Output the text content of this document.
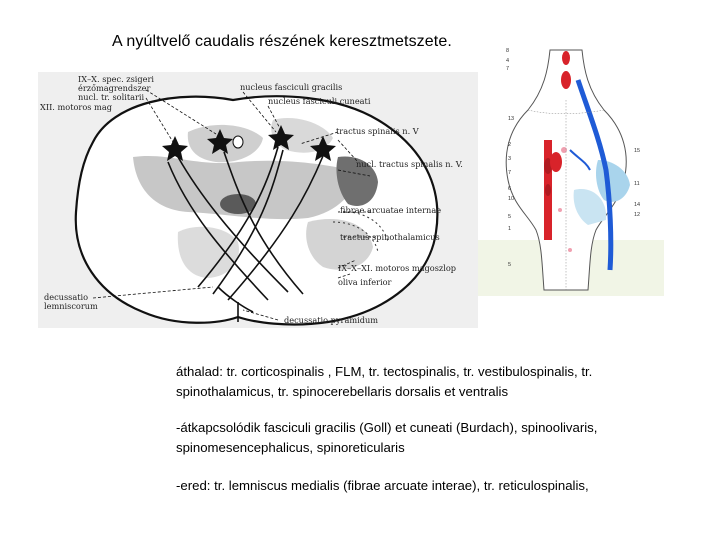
A nyúltvelő caudalis részének keresztmetszete.
IX–X. spec. zsigeri
érzőmagrendszer
nucl. tr. solitarii
XII. motoros mag
nucleus fasciculi gracilis
nucleus fasciculi cuneati
tractus spinalis n. V
nucl. tractus spinalis n. V.
fibrae arcuatae internae
tractus spinothalamicus
IX–X–XI. motoros magoszlop
oliva inferior
decussatio
lemniscorum
decussatio pyramidum
8
4
7
13
2
3
7
6
10
5
1
5
15
11
14
12
áthalad: tr. corticospinalis , FLM, tr. tectospinalis, tr. vestibulospinalis, tr. spinothalamicus, tr. spinocerebellaris dorsalis et ventralis
-átkapcsolódik fasciculi gracilis (Goll) et cuneati (Burdach), spinoolivaris, spinomesencephalicus, spinoreticularis
-ered: tr. lemniscus medialis (fibrae arcuate interae), tr. reticulospinalis,
